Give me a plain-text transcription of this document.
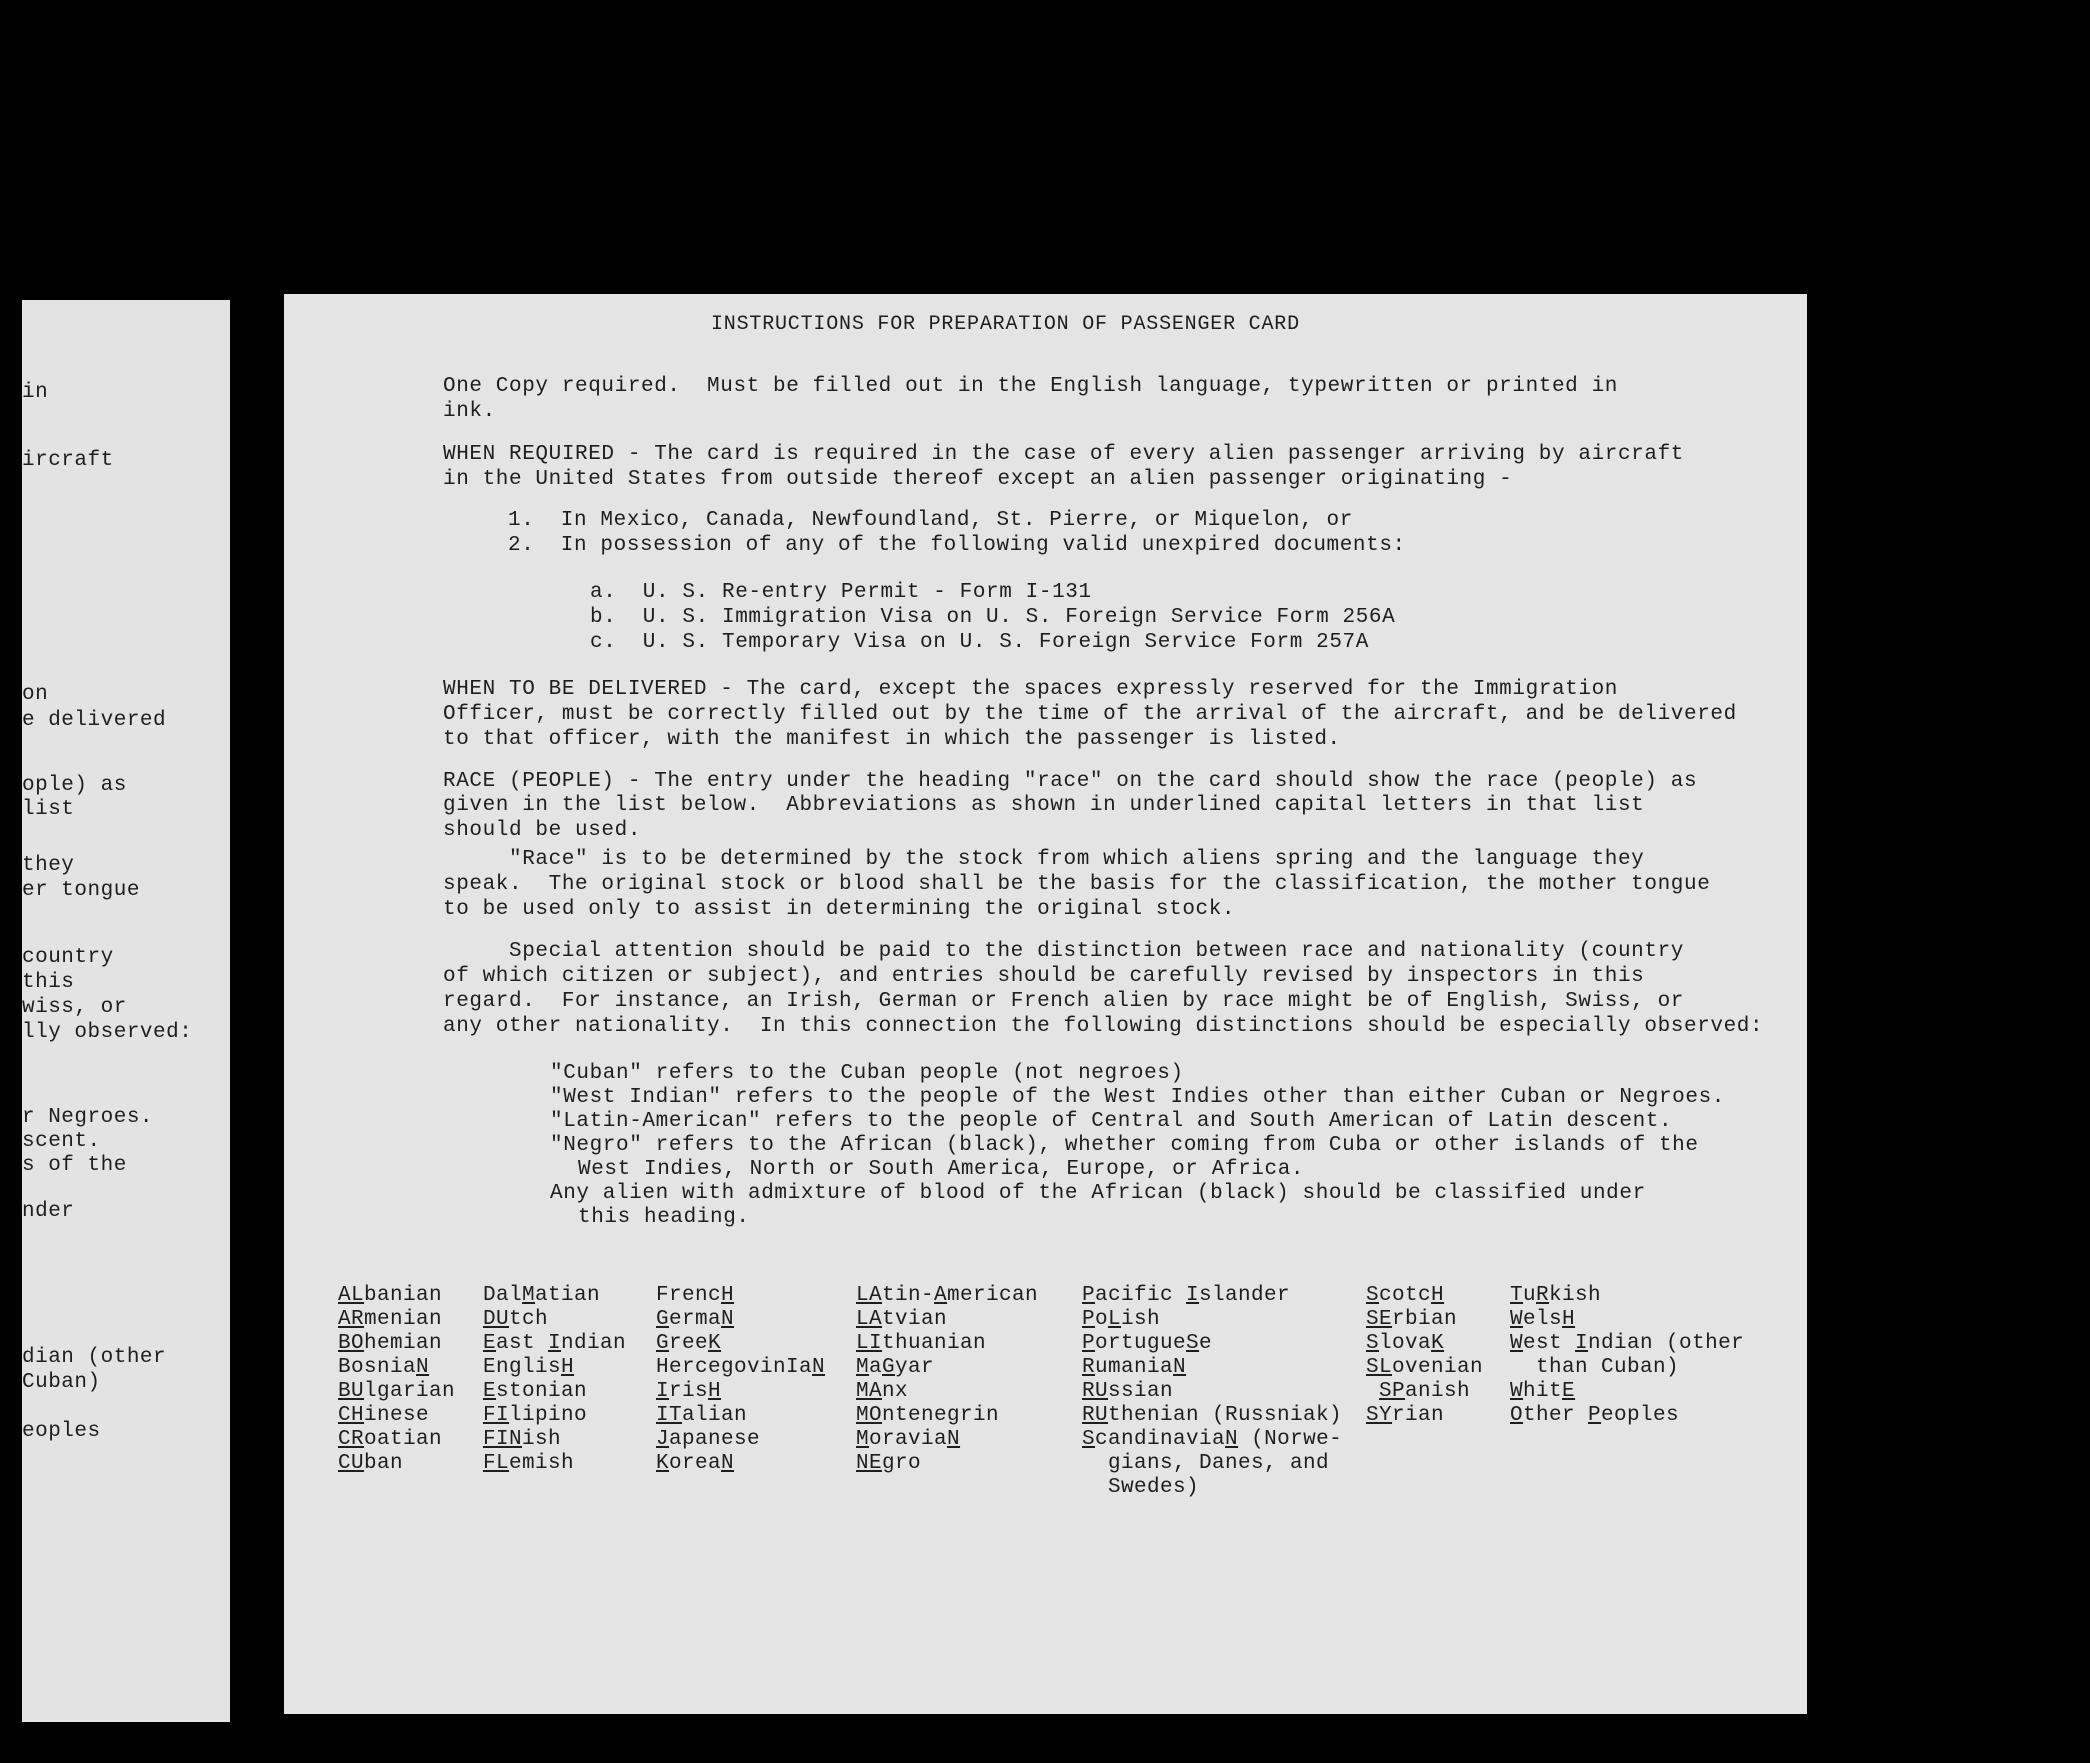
in
ircraft
on
e delivered
ople) as
list
they
er tongue
country
this
wiss, or
lly observed:
r Negroes.
scent.
s of the
nder
dian (other
Cuban)
eoples
INSTRUCTIONS FOR PREPARATION OF PASSENGER CARD
One Copy required.  Must be filled out in the English language, typewritten or printed in
ink.
WHEN REQUIRED - The card is required in the case of every alien passenger arriving by aircraft
in the United States from outside thereof except an alien passenger originating -
1.  In Mexico, Canada, Newfoundland, St. Pierre, or Miquelon, or
2.  In possession of any of the following valid unexpired documents:
a.  U. S. Re-entry Permit - Form I-131
b.  U. S. Immigration Visa on U. S. Foreign Service Form 256A
c.  U. S. Temporary Visa on U. S. Foreign Service Form 257A
WHEN TO BE DELIVERED - The card, except the spaces expressly reserved for the Immigration
Officer, must be correctly filled out by the time of the arrival of the aircraft, and be delivered
to that officer, with the manifest in which the passenger is listed.
RACE (PEOPLE) - The entry under the heading "race" on the card should show the race (people) as
given in the list below.  Abbreviations as shown in underlined capital letters in that list
should be used.
"Race" is to be determined by the stock from which aliens spring and the language they
speak.  The original stock or blood shall be the basis for the classification, the mother tongue
to be used only to assist in determining the original stock.
Special attention should be paid to the distinction between race and nationality (country
of which citizen or subject), and entries should be carefully revised by inspectors in this
regard.  For instance, an Irish, German or French alien by race might be of English, Swiss, or
any other nationality.  In this connection the following distinctions should be especially observed:
"Cuban" refers to the Cuban people (not negroes)
"West Indian" refers to the people of the West Indies other than either Cuban or Negroes.
"Latin-American" refers to the people of Central and South American of Latin descent.
"Negro" refers to the African (black), whether coming from Cuba or other islands of the
West Indies, North or South America, Europe, or Africa.
Any alien with admixture of blood of the African (black) should be classified under
this heading.
ALbanian
ARmenian
BOhemian
BosniaN
BUlgarian
CHinese
CRoatian
CUban
DalMatian
DUtch
East Indian
EnglisH
Estonian
FIlipino
FINish
FLemish
FrencH
GermaN
GreeK
HercegovinIaN
IrisH
ITalian
Japanese
KoreaN
LAtin-American
LAtvian
LIthuanian
MaGyar
MAnx
MOntenegrin
MoraviaN
NEgro
Pacific Islander
PoLish
PortugueSe
RumaniaN
RUssian
RUthenian (Russniak)
ScandinaviaN (Norwe-
gians, Danes, and
Swedes)
ScotcH
SErbian
SlovaK
SLovenian
SPanish
SYrian
TuRkish
WelsH
West Indian (other
than Cuban)
WhitE
Other Peoples
